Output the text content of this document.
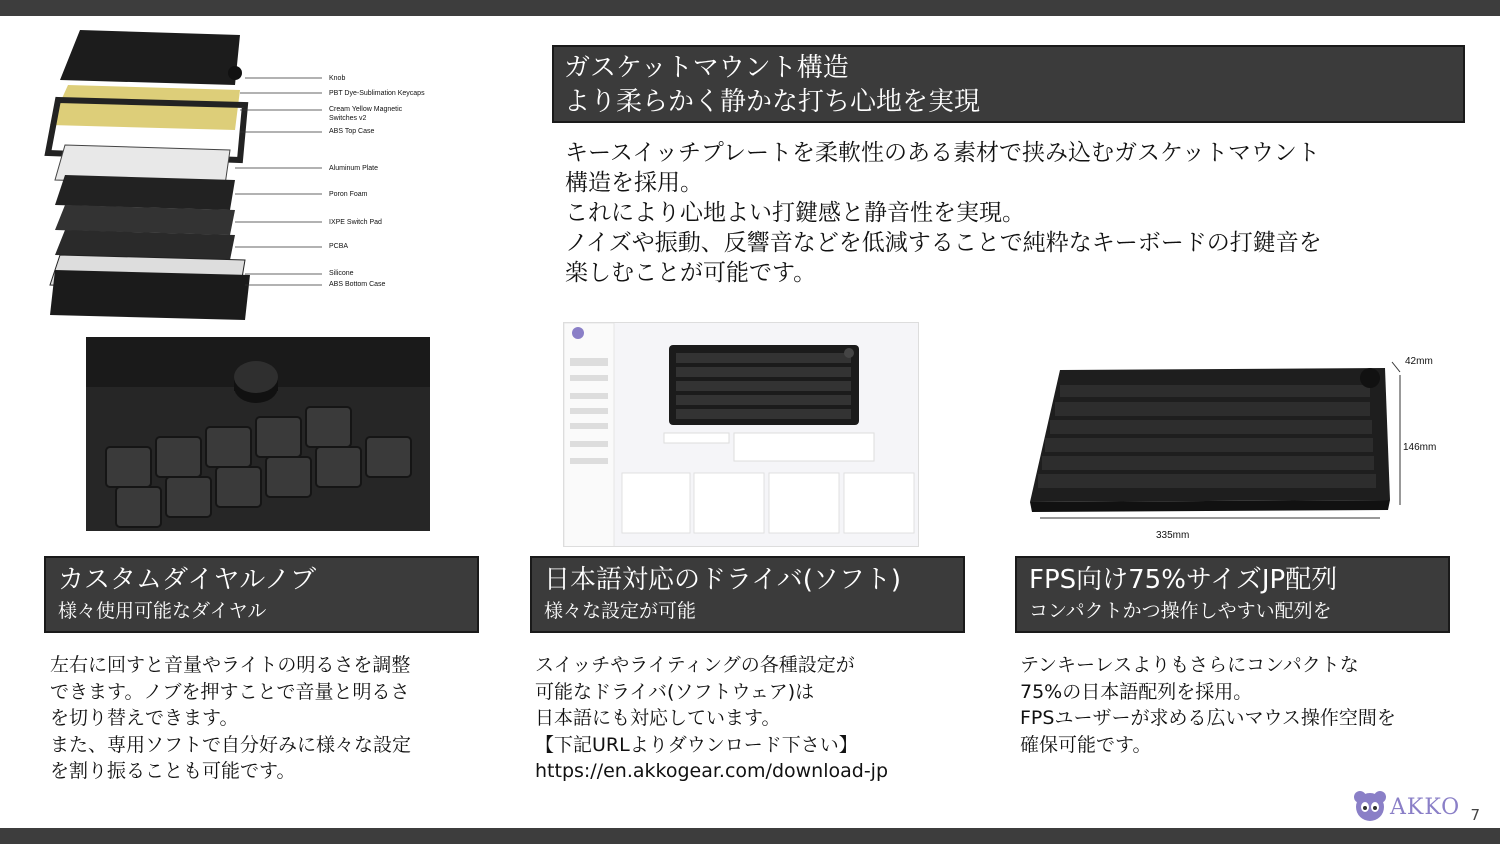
Knob
PBT Dye-Sublimation Keycaps
Cream Yellow Magnetic
Switches v2
ABS Top Case
Aluminum Plate
Poron Foam
IXPE Switch Pad
PCBA
Silicone
ABS Bottom Case
ガスケットマウント構造
より柔らかく静かな打ち心地を実現
キースイッチプレートを柔軟性のある素材で挟み込むガスケットマウント
構造を採用。
これにより心地よい打鍵感と静音性を実現。
ノイズや振動、反響音などを低減することで純粋なキーボードの打鍵音を
楽しむことが可能です。
42mm
146mm
335mm
カスタムダイヤルノブ
様々使用可能なダイヤル
日本語対応のドライバ(ソフト)
様々な設定が可能
FPS向け75%サイズJP配列
コンパクトかつ操作しやすい配列を
左右に回すと音量やライトの明るさを調整
できます。ノブを押すことで音量と明るさ
を切り替えできます。
また、専用ソフトで自分好みに様々な設定
を割り振ることも可能です。
スイッチやライティングの各種設定が
可能なドライバ(ソフトウェア)は
日本語にも対応しています。
【下記URLよりダウンロード下さい】
https://en.akkogear.com/download-jp
テンキーレスよりもさらにコンパクトな
75%の日本語配列を採用。
FPSユーザーが求める広いマウス操作空間を
確保可能です。
AKKO 7
